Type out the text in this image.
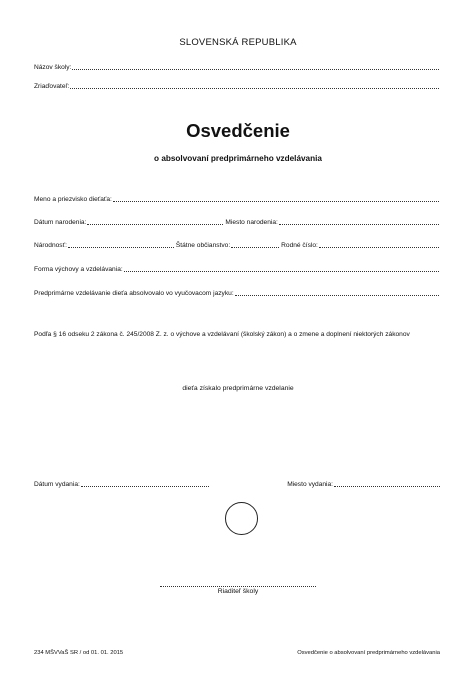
SLOVENSKÁ REPUBLIKA
Názov školy:
Zriaďovateľ:
Osvedčenie
o absolvovaní predprimárneho vzdelávania
Meno a priezvisko dieťaťa:
Dátum narodenia:	Miesto narodenia:
Národnosť:	Štátne občianstvo:	Rodné číslo:
Forma výchovy a vzdelávania:
Predprimárne vzdelávanie dieťa absolvovalo vo vyučovacom jazyku:
Podľa § 16 odseku 2 zákona č. 245/2008 Z. z. o výchove a vzdelávaní (školský zákon) a o zmene a doplnení niektorých zákonov
dieťa získalo predprimárne vzdelanie
Dátum vydania:	Miesto vydania:
Riaditeľ školy
234 MŠVVaŠ SR / od 01. 01. 2015	Osvedčenie o absolvovaní predprimárneho vzdelávania
